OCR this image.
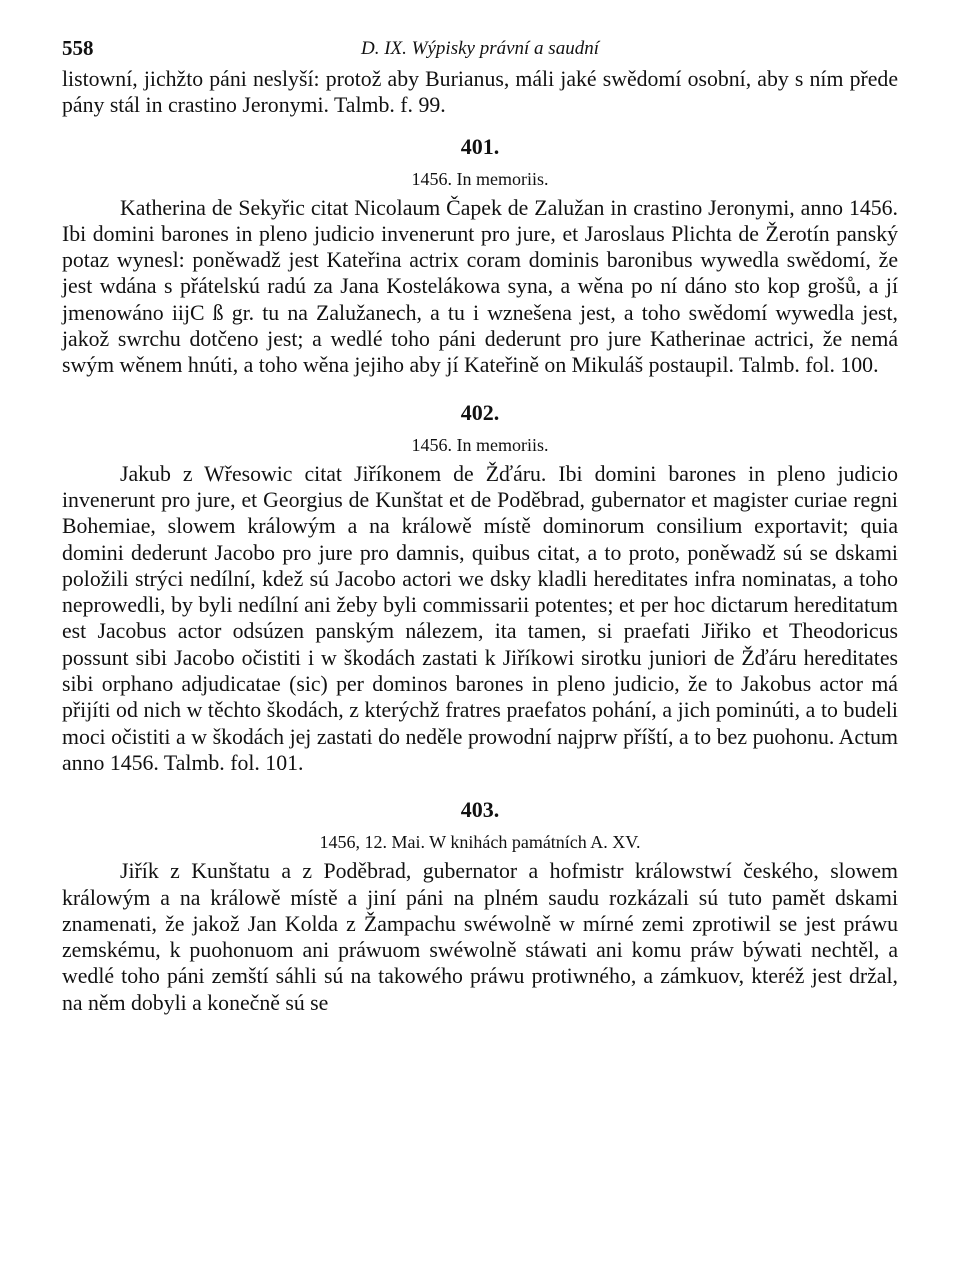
558	D. IX. Wýpisky právní a saudní

listowní, jichžto páni neslyší: protož aby Burianus, máli jaké swědomí osobní, aby s ním přede pány stál in crastino Jeronymi. Talmb. f. 99.

401.
1456. In memoriis.

Katherina de Sekyřic citat Nicolaum Čapek de Zalužan in crastino Jeronymi, anno 1456. Ibi domini barones in pleno judicio invenerunt pro jure, et Jaroslaus Plichta de Žerotín panský potaz wynesl: poněwadž jest Kateřina actrix coram dominis baronibus wywedla swědomí, že jest wdána s přátelskú radú za Jana Kostelákowa syna, a wěna po ní dáno sto kop grošů, a jí jmenowáno iijC ß gr. tu na Zalužanech, a tu i wznešena jest, a toho swědomí wywedla jest, jakož swrchu dotčeno jest; a wedlé toho páni dederunt pro jure Katherinae actrici, že nemá swým wěnem hnúti, a toho wěna jejiho aby jí Kateřině on Mikuláš postaupil. Talmb. fol. 100.

402.
1456. In memoriis.

Jakub z Wřesowic citat Jiříkonem de Žďáru. Ibi domini barones in pleno judicio invenerunt pro jure, et Georgius de Kunštat et de Poděbrad, gubernator et magister curiae regni Bohemiae, slowem králowým a na králowě místě dominorum consilium exportavit; quia domini dederunt Jacobo pro jure pro damnis, quibus citat, a to proto, poněwadž sú se dskami položili strýci nedílní, kdež sú Jacobo actori we dsky kladli hereditates infra nominatas, a toho neprowedli, by byli nedílní ani žeby byli commissarii potentes; et per hoc dictarum hereditatum est Jacobus actor odsúzen panským nálezem, ita tamen, si praefati Jiřiko et Theodoricus possunt sibi Jacobo očistiti i w škodách zastati k Jiříkowi sirotku juniori de Žďáru hereditates sibi orphano adjudicatae (sic) per dominos barones in pleno judicio, že to Jakobus actor má přijíti od nich w těchto škodách, z kterýchž fratres praefatos pohání, a jich pominúti, a to budeli moci očistiti a w škodách jej zastati do neděle prowodní najprw příští, a to bez puohonu. Actum anno 1456. Talmb. fol. 101.

403.
1456, 12. Mai. W knihách památních A. XV.

Jiřík z Kunštatu a z Poděbrad, gubernator a hofmistr králowstwí českého, slowem králowým a na králowě místě a jiní páni na plném saudu rozkázali sú tuto pamět dskami znamenati, že jakož Jan Kolda z Žampachu swéwolně w mírné zemi zprotiwil se jest práwu zemskému, k puohonuom ani práwuom swéwolně stáwati ani komu práw býwati nechtěl, a wedlé toho páni zemští sáhli sú na takowého práwu protiwného, a zámkuov, kteréž jest držal, na něm dobyli a konečně sú se
